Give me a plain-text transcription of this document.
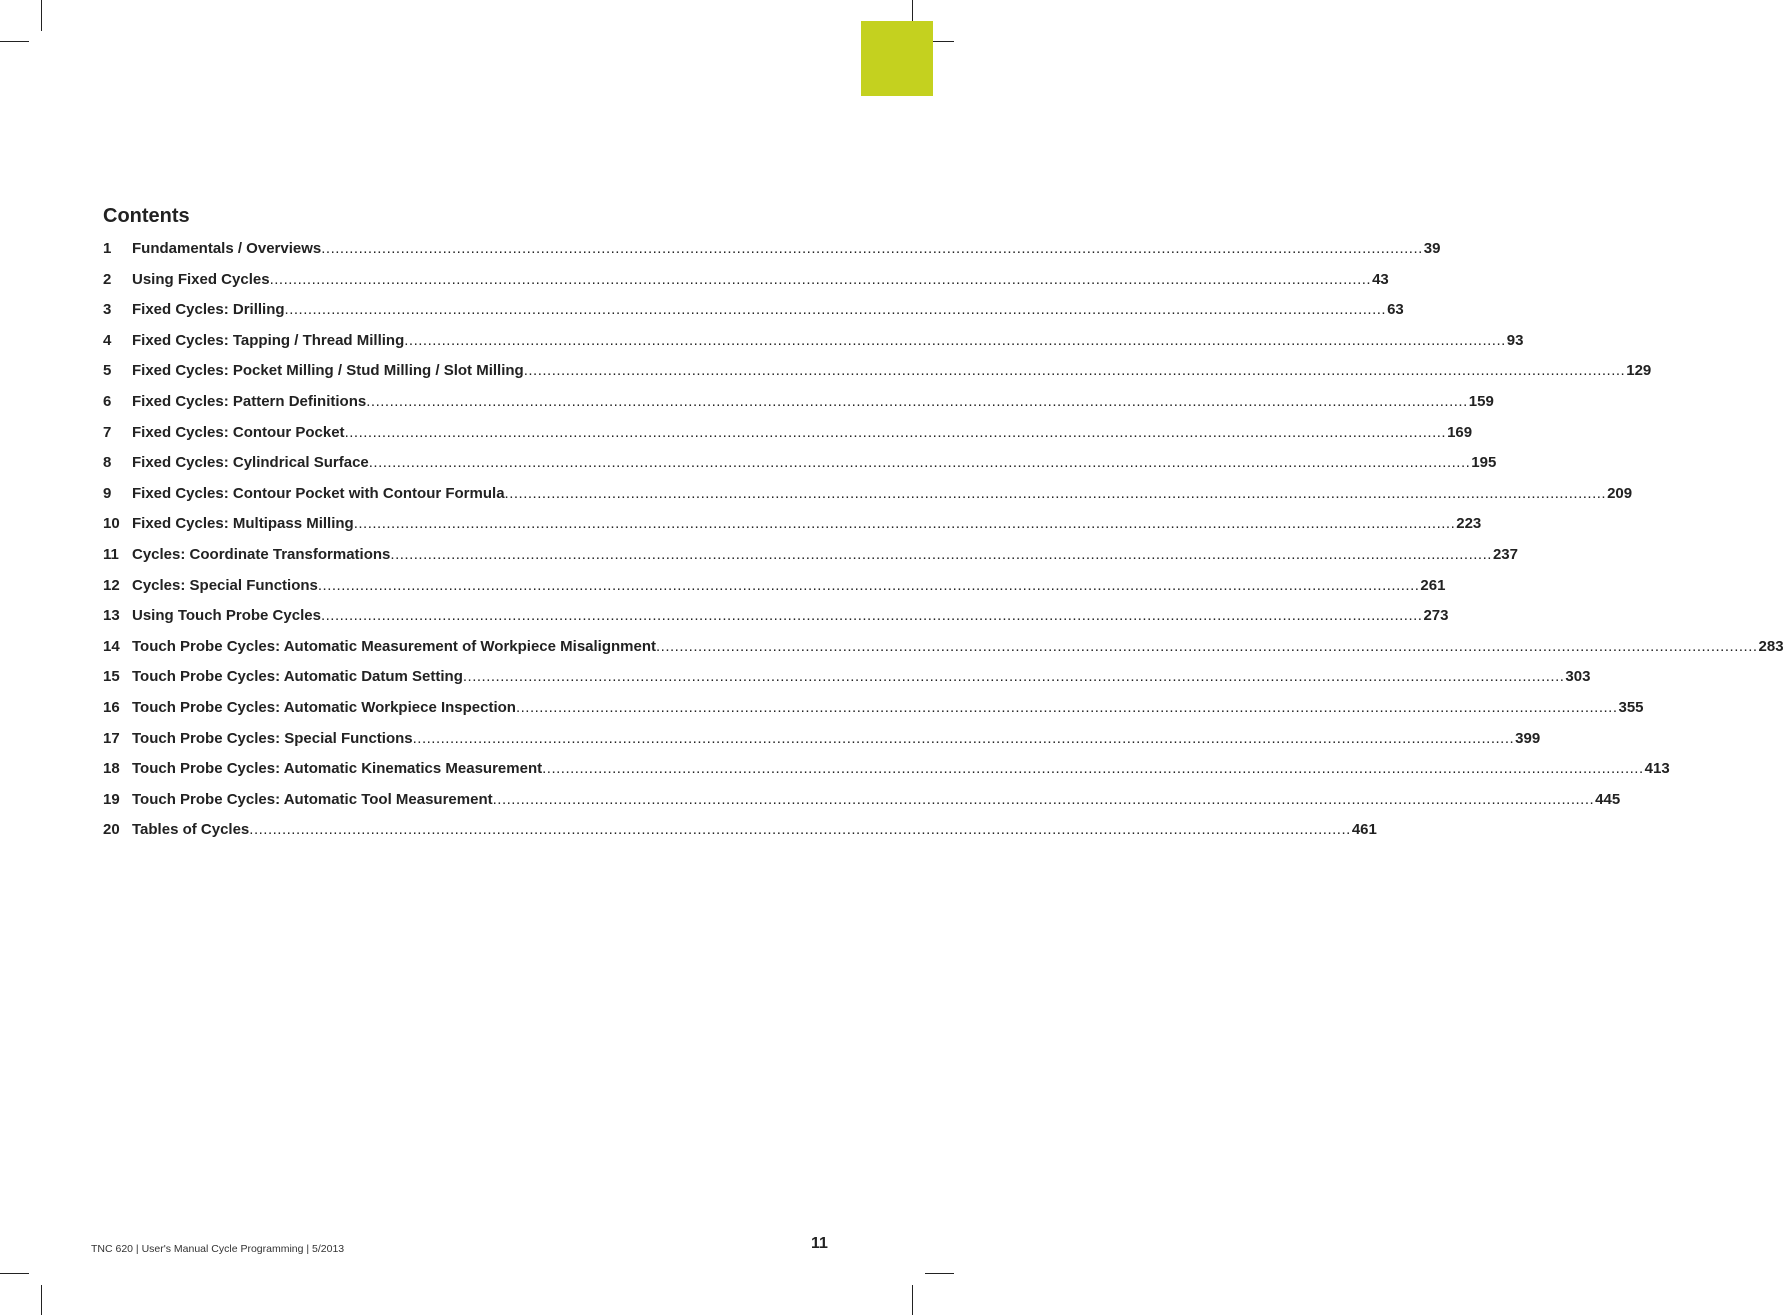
Contents
1	Fundamentals / Overviews .....	39
2	Using Fixed Cycles .....	43
3	Fixed Cycles: Drilling .....	63
4	Fixed Cycles: Tapping / Thread Milling .....	93
5	Fixed Cycles: Pocket Milling / Stud Milling / Slot Milling .....	129
6	Fixed Cycles: Pattern Definitions .....	159
7	Fixed Cycles: Contour Pocket .....	169
8	Fixed Cycles: Cylindrical Surface .....	195
9	Fixed Cycles: Contour Pocket with Contour Formula .....	209
10 Fixed Cycles: Multipass Milling .....	223
11 Cycles: Coordinate Transformations .....	237
12 Cycles: Special Functions .....	261
13 Using Touch Probe Cycles .....	273
14 Touch Probe Cycles: Automatic Measurement of Workpiece Misalignment .....	283
15 Touch Probe Cycles: Automatic Datum Setting .....	303
16 Touch Probe Cycles: Automatic Workpiece Inspection .....	355
17 Touch Probe Cycles: Special Functions .....	399
18 Touch Probe Cycles: Automatic Kinematics Measurement .....	413
19 Touch Probe Cycles: Automatic Tool Measurement .....	445
20 Tables of Cycles .....	461
TNC 620 | User's Manual Cycle Programming | 5/2013	11
